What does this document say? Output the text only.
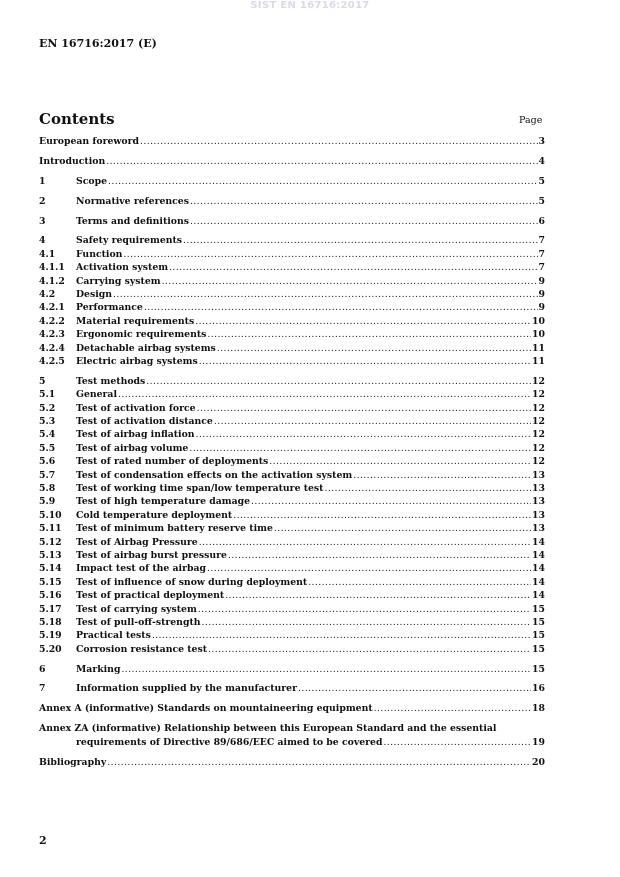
SIST EN 16716:2017
EN 16716:2017 (E)
Contents	Page
European foreword .....	3
Introduction .....	4
1	Scope .....	5
2	Normative references .....	5
3	Terms and definitions .....	6
4	Safety requirements .....	7
4.1	Function .....	7
4.1.1	Activation system .....	7
4.1.2	Carrying system .....	9
4.2	Design .....	9
4.2.1	Performance .....	9
4.2.2	Material requirements .....	10
4.2.3	Ergonomic requirements .....	10
4.2.4	Detachable airbag systems .....	11
4.2.5	Electric airbag systems .....	11
5	Test methods .....	12
5.1	General .....	12
5.2	Test of activation force .....	12
5.3	Test of activation distance .....	12
5.4	Test of airbag inflation .....	12
5.5	Test of airbag volume .....	12
5.6	Test of rated number of deployments .....	12
5.7	Test of condensation effects on the activation system .....	13
5.8	Test of working time span/low temperature test .....	13
5.9	Test of high temperature damage .....	13
5.10	Cold temperature deployment .....	13
5.11	Test of minimum battery reserve time .....	13
5.12	Test of Airbag Pressure .....	14
5.13	Test of airbag burst pressure .....	14
5.14	Impact test of the airbag .....	14
5.15	Test of influence of snow during deployment .....	14
5.16	Test of practical deployment .....	14
5.17	Test of carrying system .....	15
5.18	Test of pull-off-strength .....	15
5.19	Practical tests .....	15
5.20	Corrosion resistance test .....	15
6	Marking .....	15
7	Information supplied by the manufacturer .....	16
Annex A (informative) Standards on mountaineering equipment .....	18
Annex ZA (informative) Relationship between this European Standard and the essential
requirements of Directive 89/686/EEC aimed to be covered .....	19
Bibliography .....	20
2
